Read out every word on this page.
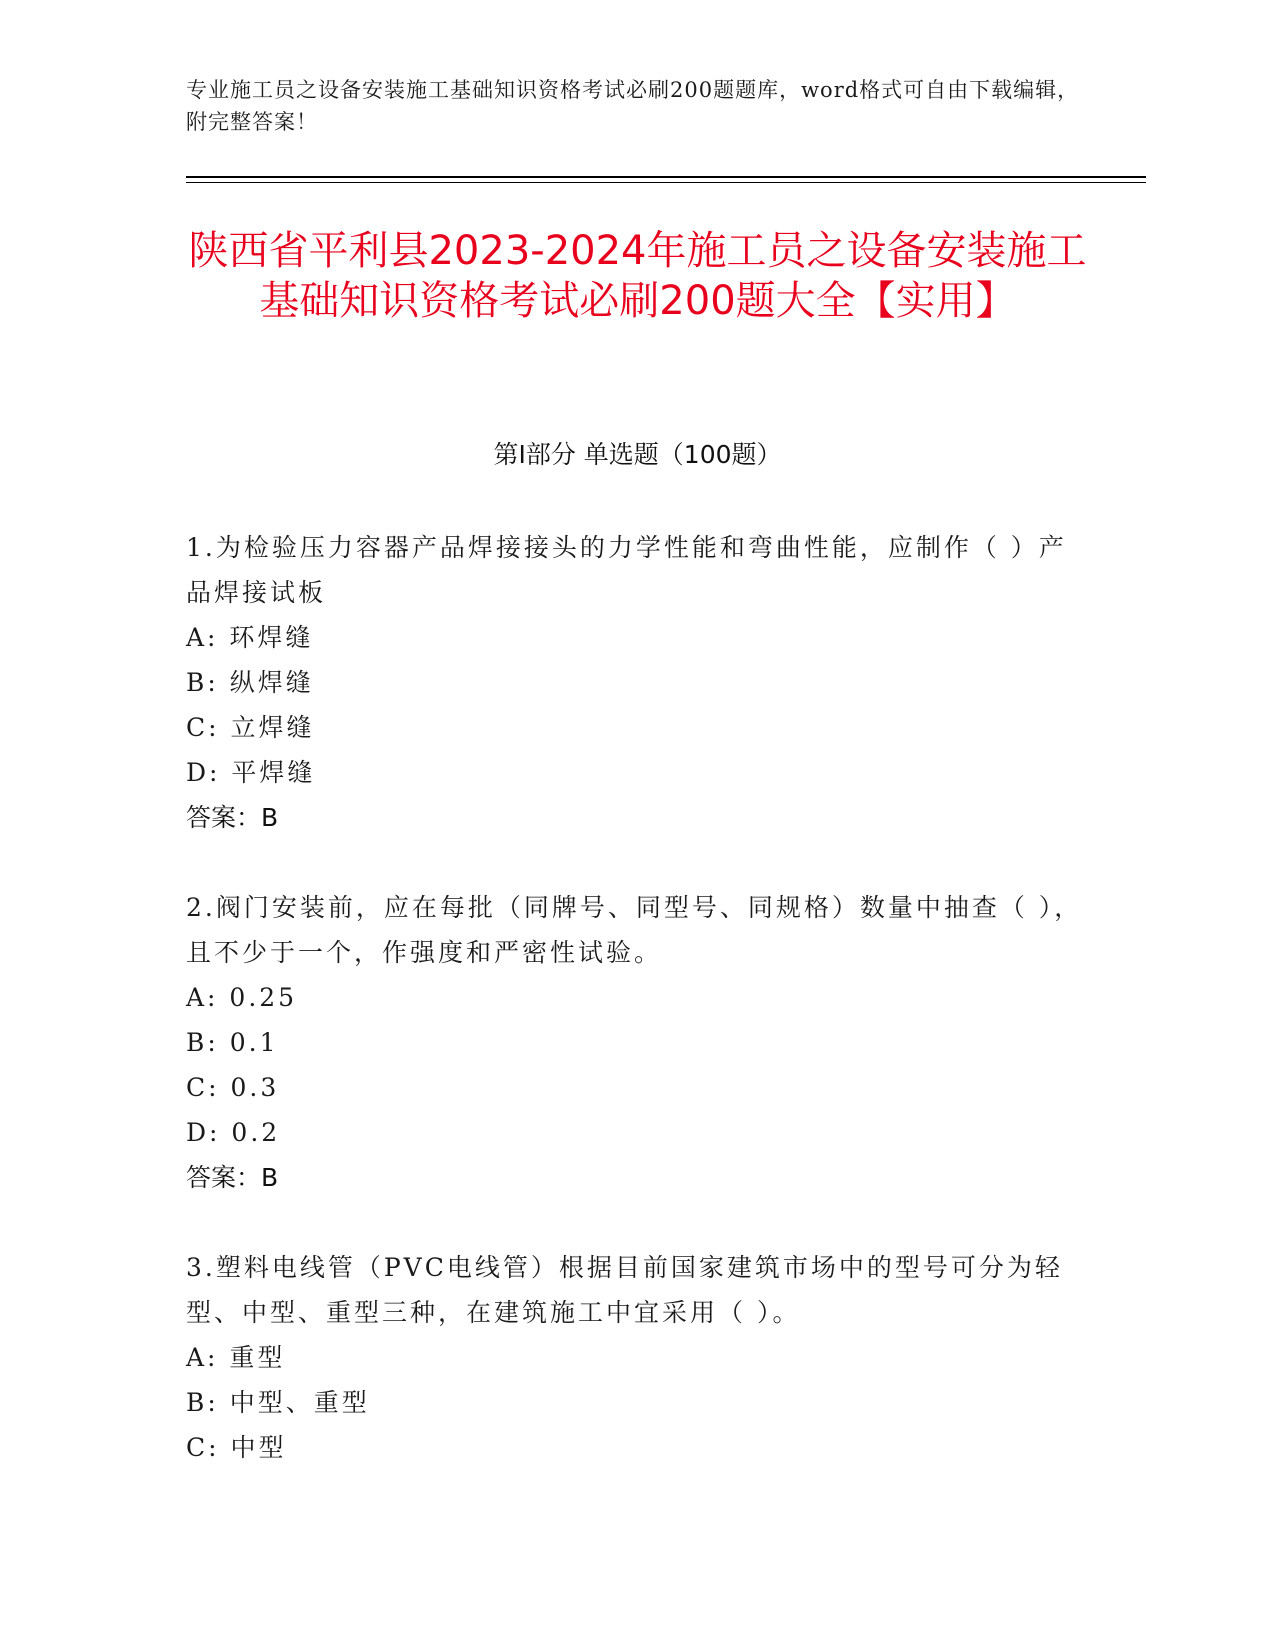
专业施工员之设备安装施工基础知识资格考试必刷200题题库，word格式可自由下载编辑，附完整答案！
陕西省平利县2023-2024年施工员之设备安装施工基础知识资格考试必刷200题大全【实用】
第I部分 单选题（100题）
1.为检验压力容器产品焊接接头的力学性能和弯曲性能，应制作（ ）产品焊接试板
A: 环焊缝
B: 纵焊缝
C: 立焊缝
D: 平焊缝
答案：B
2.阀门安装前，应在每批（同牌号、同型号、同规格）数量中抽查（ ），且不少于一个，作强度和严密性试验。
A: 0.25
B: 0.1
C: 0.3
D: 0.2
答案：B
3.塑料电线管（PVC电线管）根据目前国家建筑市场中的型号可分为轻型、中型、重型三种，在建筑施工中宜采用（ ）。
A: 重型
B: 中型、重型
C: 中型
